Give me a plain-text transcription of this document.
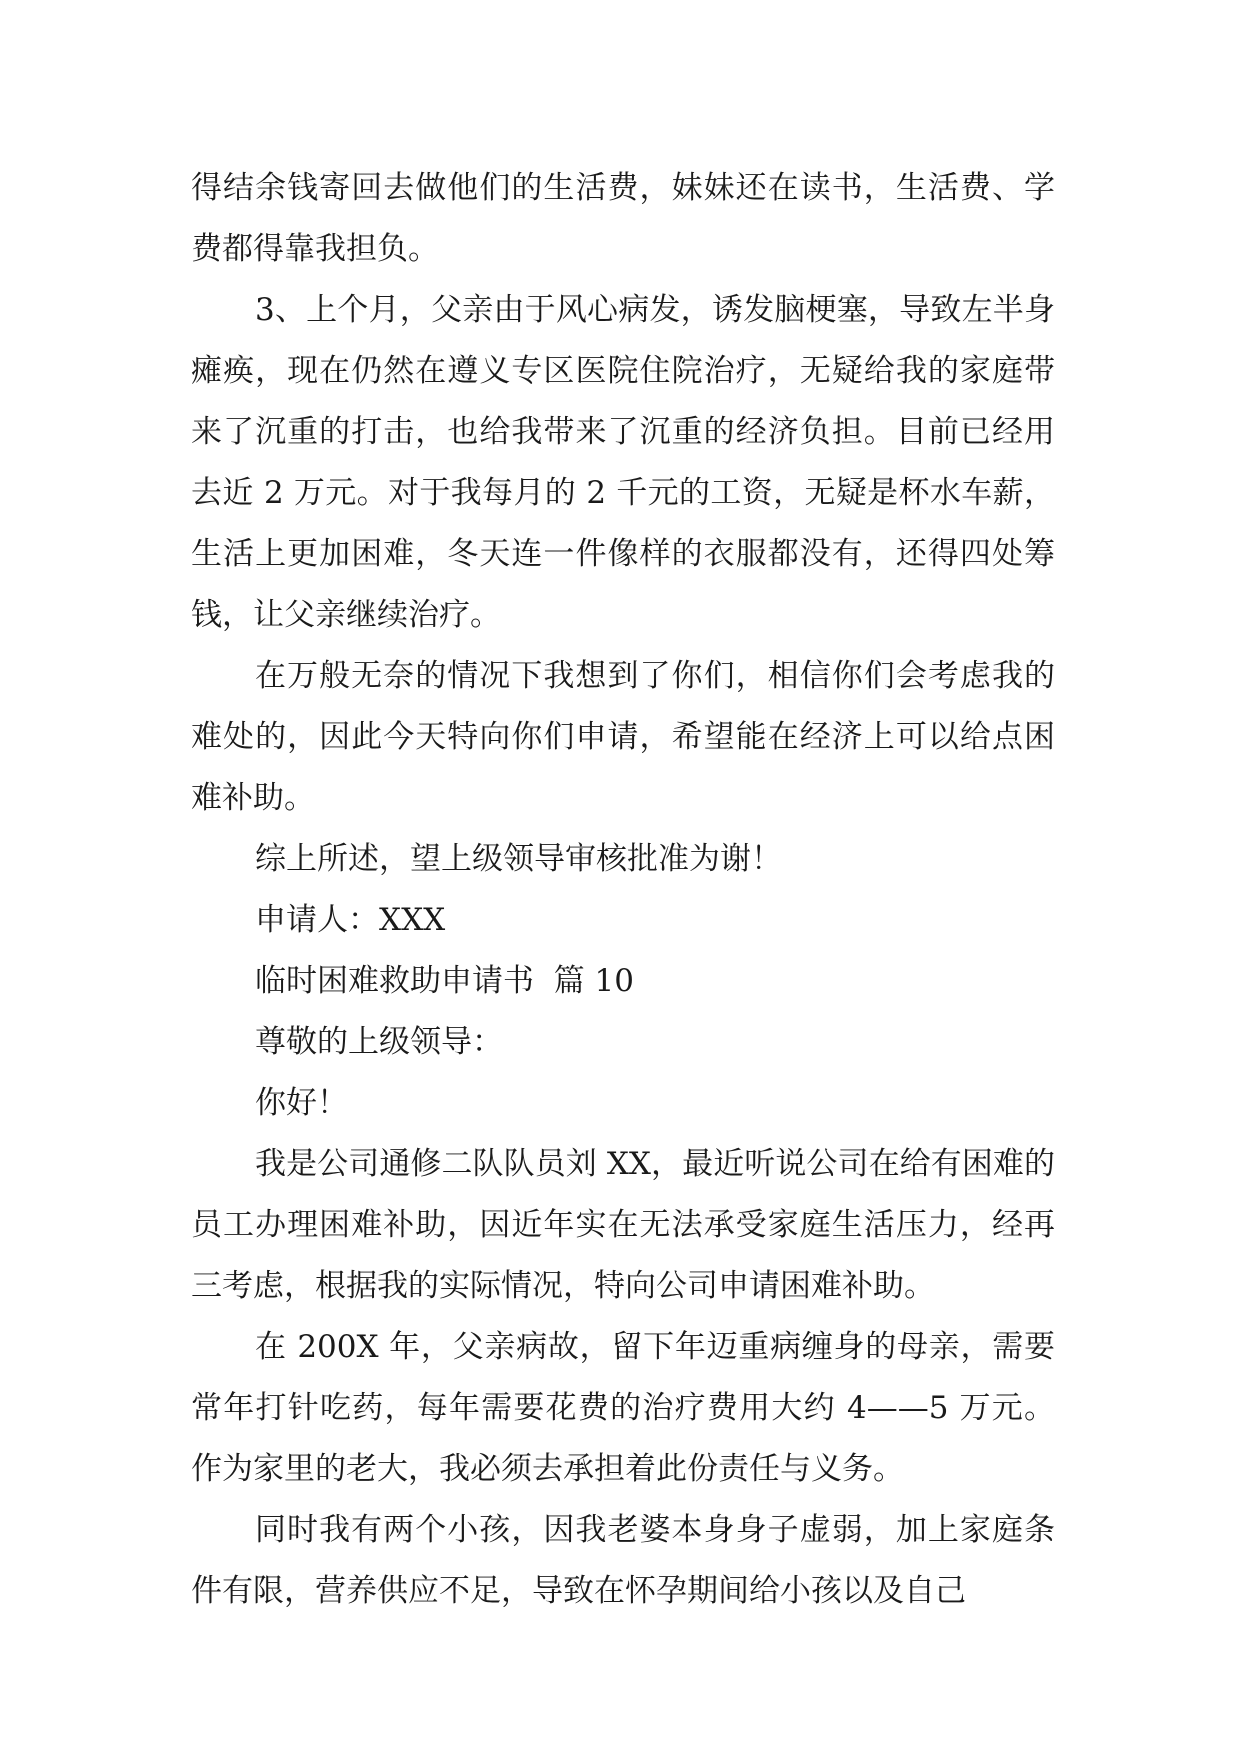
得结余钱寄回去做他们的生活费，妹妹还在读书，生活费、学费都得靠我担负。

3、上个月，父亲由于风心病发，诱发脑梗塞，导致左半身瘫痪，现在仍然在遵义专区医院住院治疗，无疑给我的家庭带来了沉重的打击，也给我带来了沉重的经济负担。目前已经用去近 2 万元。对于我每月的 2 千元的工资，无疑是杯水车薪，生活上更加困难，冬天连一件像样的衣服都没有，还得四处筹钱，让父亲继续治疗。

在万般无奈的情况下我想到了你们，相信你们会考虑我的难处的，因此今天特向你们申请，希望能在经济上可以给点困难补助。

综上所述，望上级领导审核批准为谢！

申请人：XXX

临时困难救助申请书  篇 10

尊敬的上级领导：

你好！

我是公司通修二队队员刘 XX，最近听说公司在给有困难的员工办理困难补助，因近年实在无法承受家庭生活压力，经再三考虑，根据我的实际情况，特向公司申请困难补助。

在 200X 年，父亲病故，留下年迈重病缠身的母亲，需要常年打针吃药，每年需要花费的治疗费用大约 4——5 万元。作为家里的老大，我必须去承担着此份责任与义务。

同时我有两个小孩，因我老婆本身身子虚弱，加上家庭条件有限，营养供应不足，导致在怀孕期间给小孩以及自己
